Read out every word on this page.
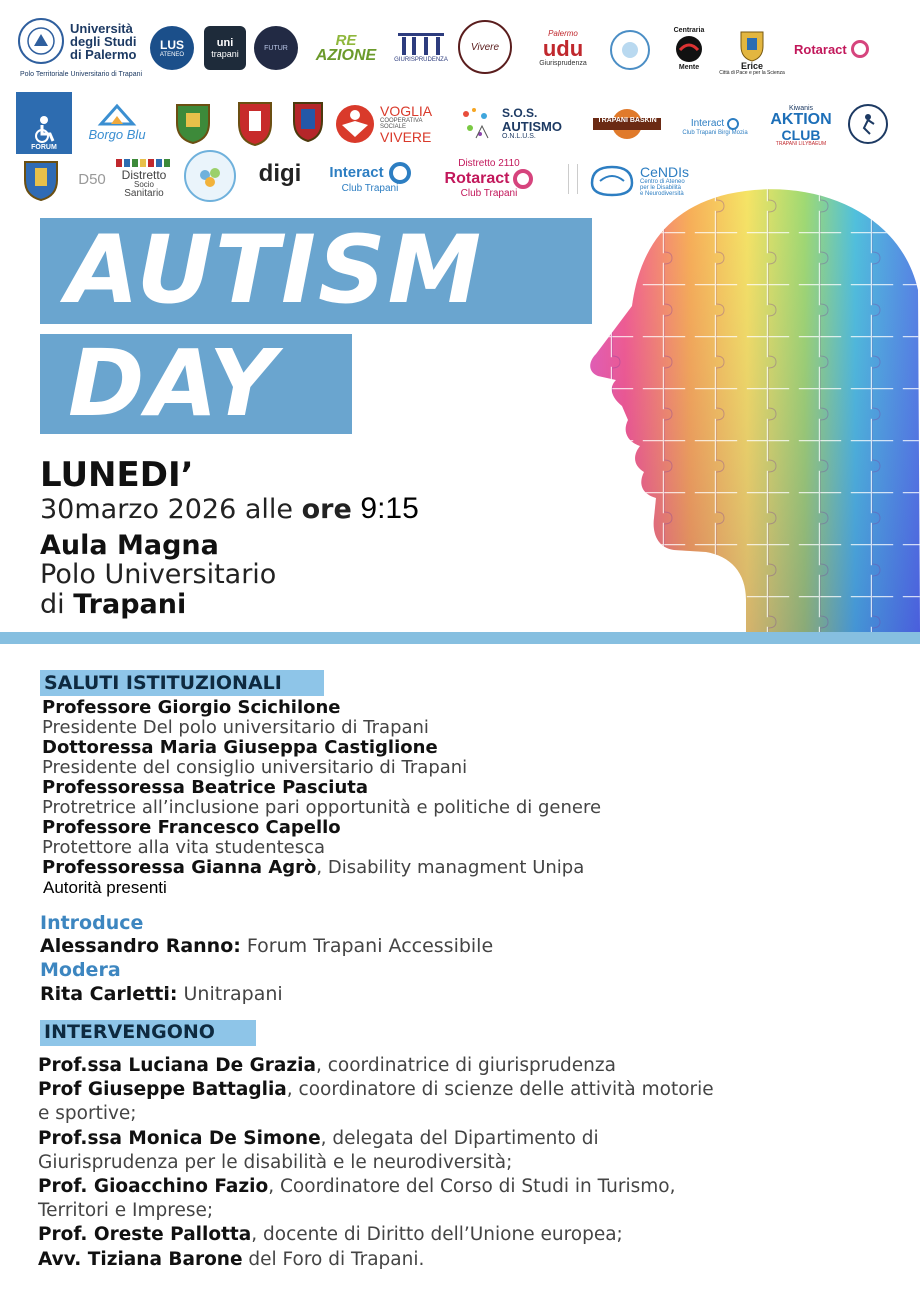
Università
degli Studi
di Palermo
Polo Territoriale Universitario di Trapani
LUS
ATENEO
uni
trapani
FUTUR	RE
AZIONE	GIURISPRUDENZA
Vivere
Palermo
udu
Giurisprudenza
Centraria
Mente	Erice
Città di Pace e per la Scienza
Rotaract
FORUM
Borgo Blu
VOGLIA
COOPERATIVA
SOCIALE
VIVERE
S.O.S.
AUTISMO
O.N.L.U.S.
TRAPANI BASKIN	Interact
Club Trapani Birgi Mozia
Kiwanis
AKTION
CLUB
TRAPANI LILYBAEUM
D50 Distretto
Socio
Sanitario
digi Interact
Club Trapani
Distretto 2110
Rotaract
Club Trapani
CeNDIs
Centro di Ateneo
per le Disabilità
e Neurodiversità
AUTISM
DAY
LUNEDI’
30marzo 2026 alle ore 9:15
Aula Magna
Polo Universitario
di Trapani
SALUTI ISTITUZIONALI
Professore Giorgio Scichilone
Presidente Del polo universitario di Trapani
Dottoressa Maria Giuseppa Castiglione
Presidente del consiglio universitario di Trapani
Professoressa Beatrice Pasciuta
Protretrice all’inclusione pari opportunità e politiche di genere
Professore Francesco Capello
Protettore alla vita studentesca
Professoressa Gianna Agrò, Disability managment Unipa
Autorità presenti
Introduce
Alessandro Ranno: Forum Trapani Accessibile
Modera
Rita Carletti: Unitrapani
INTERVENGONO
Prof.ssa Luciana De Grazia, coordinatrice di giurisprudenza
Prof Giuseppe Battaglia, coordinatore di scienze delle attività motorie
e sportive;
Prof.ssa Monica De Simone, delegata del Dipartimento di
Giurisprudenza per le disabilità e le neurodiversità;
Prof. Gioacchino Fazio, Coordinatore del Corso di Studi in Turismo,
Territori e Imprese;
Prof. Oreste Pallotta, docente di Diritto dell’Unione europea;
Avv. Tiziana Barone del Foro di Trapani.
